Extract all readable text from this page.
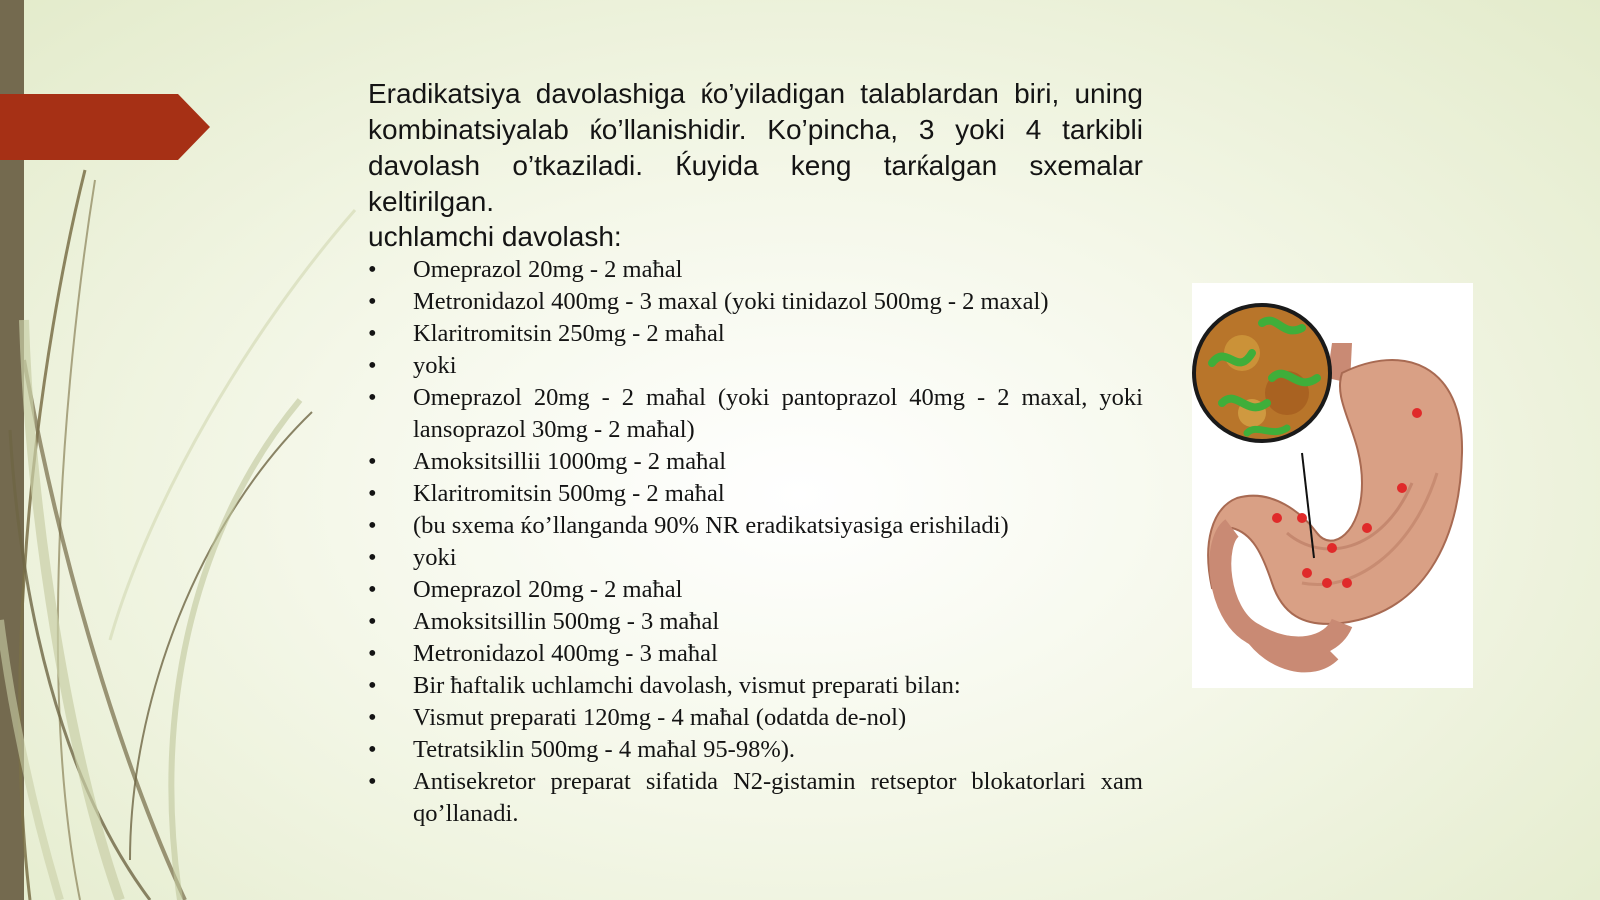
Eradikatsiya davolashiga ќo’yiladigan talablardan biri, uning kombinatsiyalab ќo’llanishidir. Ko’pincha, 3 yoki 4 tarkibli davolash o’tkaziladi. Ќuyida keng tarќalgan sxemalar keltirilgan.

uchlamchi davolash:

•	Omeprazol 20mg - 2 maħal
•	Metronidazol 400mg - 3 maxal (yoki tinidazol 500mg - 2 maxal)
•	Klaritromitsin 250mg - 2 maħal
•	yoki
•	Omeprazol 20mg - 2 maħal (yoki pantoprazol 40mg - 2 maxal, yoki lansoprazol 30mg - 2 maħal)
•	Amoksitsillii 1000mg - 2 maħal
•	Klaritromitsin 500mg - 2 maħal
•	(bu sxema ќo’llanganda 90% NR eradikatsiyasiga erishiladi)
•	yoki
•	Omeprazol 20mg - 2 maħal
•	Amoksitsillin 500mg - 3 maħal
•	Metronidazol 400mg - 3 maħal
•	Bir ħaftalik uchlamchi davolash, vismut preparati bilan:
•	Vismut preparati 120mg - 4 maħal (odatda de-nol)
•	Tetratsiklin 500mg - 4 maħal 95-98%).
•	Antisekretor preparat sifatida N2-gistamin retseptor blokatorlari xam qo’llanadi.
